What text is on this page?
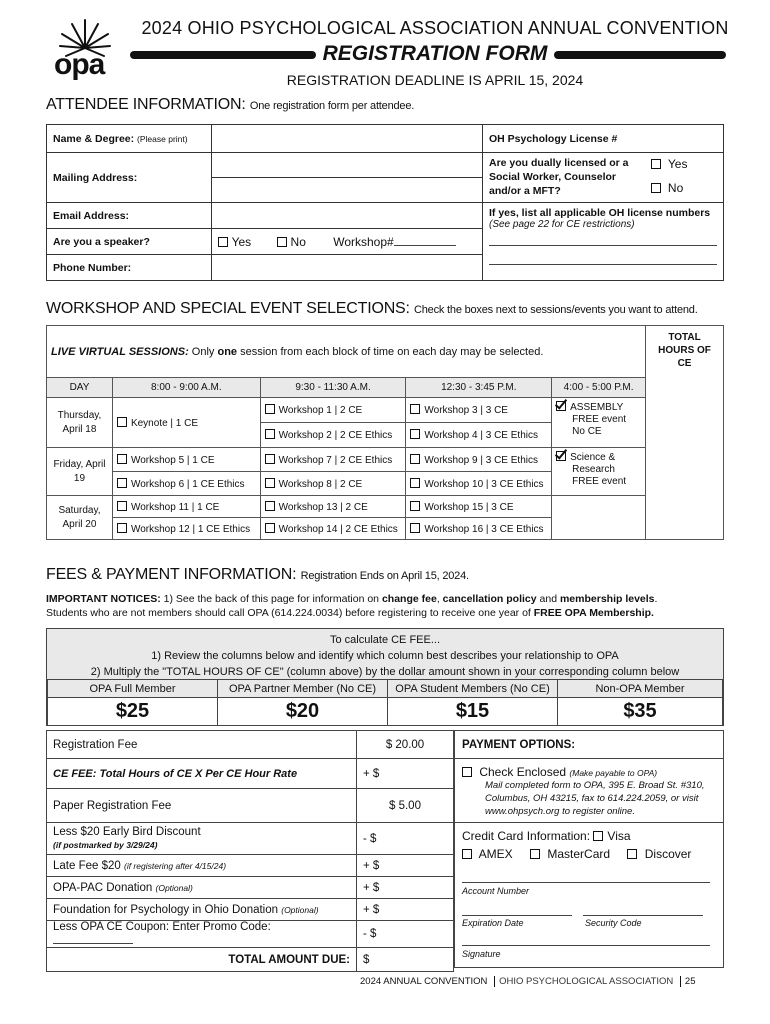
opa
2024 OHIO PSYCHOLOGICAL ASSOCIATION ANNUAL CONVENTION
REGISTRATION FORM
REGISTRATION DEADLINE IS APRIL 15, 2024
ATTENDEE INFORMATION: One registration form per attendee.
Name & Degree: (Please print)		OH Psychology License #
Mailing Address:		Are you dually licensed or a Social Worker, Counselor and/or a MFT?
Yes
No

Email Address:		If yes, list all applicable OH license numbers
(See page 22 for CE restrictions)

Are you a speaker?	Yes No Workshop#	
Phone Number:		
WORKSHOP AND SPECIAL EVENT SELECTIONS: Check the boxes next to sessions/events you want to attend.
LIVE VIRTUAL SESSIONS: Only one session from each block of time on each day may be selected.					TOTAL HOURS OF CE
DAY	8:00 - 9:00 A.M.	9:30 - 11:30 A.M.	12:30 - 3:45 P.M.	4:00 - 5:00 P.M.	
Thursday, April 18	Keynote | 1 CE	Workshop 1 | 2 CE	Workshop 3 | 3 CE	ASSEMBLY
FREE event
No CE	
		Workshop 2 | 2 CE Ethics	Workshop 4 | 3 CE Ethics		
Friday, April 19	Workshop 5 | 1 CE	Workshop 7 | 2 CE Ethics	Workshop 9 | 3 CE Ethics	Science &
Research
FREE event	
	Workshop 6 | 1 CE Ethics	Workshop 8 | 2 CE	Workshop 10 | 3 CE Ethics		
Saturday, April 20	Workshop 11 | 1 CE	Workshop 13 | 2 CE	Workshop 15 | 3 CE		
	Workshop 12 | 1 CE Ethics	Workshop 14 | 2 CE Ethics	Workshop 16 | 3 CE Ethics		
FEES & PAYMENT INFORMATION: Registration Ends on April 15, 2024.
IMPORTANT NOTICES: 1) See the back of this page for information on change fee, cancellation policy and membership levels.
Students who are not members should call OPA (614.224.0034) before registering to receive one year of FREE OPA Membership.
To calculate CE FEE...
1) Review the columns below and identify which column best describes your relationship to OPA
2) Multiply the "TOTAL HOURS OF CE" (column above) by the dollar amount shown in your corresponding column below
OPA Full Member	OPA Partner Member (No CE)	OPA Student Members (No CE)	Non-OPA Member
$25	$20	$15	$35
Registration Fee	$ 20.00
CE FEE: Total Hours of CE X Per CE Hour Rate	+ $
Paper Registration Fee	$ 5.00

Less $20 Early Bird Discount
(if postmarked by 3/29/24)	- $
Late Fee $20 (if registering after 4/15/24)	+ $
OPA-PAC Donation (Optional)	+ $
Foundation for Psychology in Ohio Donation (Optional)	+ $
Less OPA CE Coupon: Enter Promo Code:	- $
TOTAL AMOUNT DUE:	$
PAYMENT OPTIONS:
Check Enclosed (Make payable to OPA)
Mail completed form to OPA, 395 E. Broad St. #310,
Columbus, OH 43215, fax to 614.224.2059, or visit
www.ohpsych.org to register online.
Credit Card Information: Visa
AMEX	MasterCard	Discover
Account Number
Expiration Date	Security Code
Signature
2024 ANNUAL CONVENTION OHIO PSYCHOLOGICAL ASSOCIATION 25
